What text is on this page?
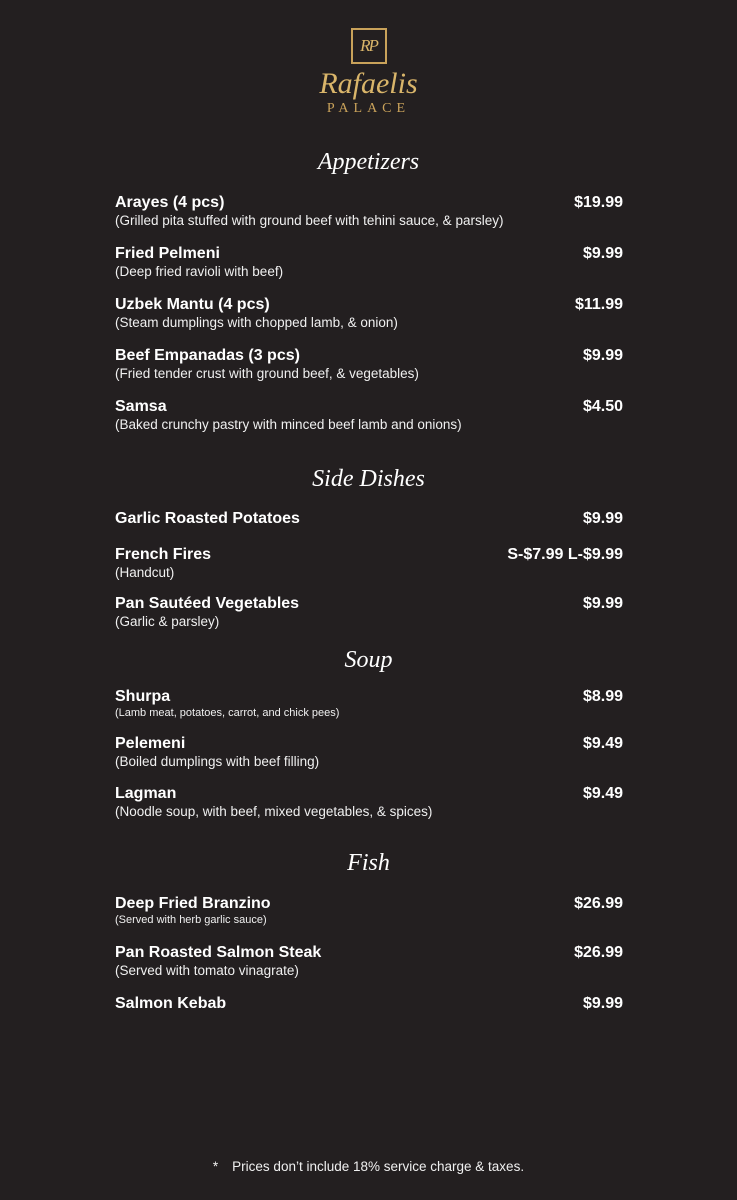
RP
Rafaelis
PALACE
Appetizers
Arayes (4 pcs)
(Grilled pita stuffed with ground beef with tehini sauce, & parsley)
$19.99
Fried Pelmeni
(Deep fried ravioli with beef)
$9.99
Uzbek Mantu (4 pcs)
(Steam dumplings with chopped lamb, & onion)
$11.99
Beef Empanadas (3 pcs)
(Fried tender crust with ground beef, & vegetables)
$9.99
Samsa
(Baked crunchy pastry with minced beef lamb and onions)
$4.50
Side Dishes
Garlic Roasted Potatoes	$9.99
French Fires
(Handcut)
S-$7.99 L-$9.99
Pan Sautéed Vegetables
(Garlic & parsley)
$9.99
Soup
Shurpa
(Lamb meat, potatoes, carrot, and chick pees)
$8.99
Pelemeni
(Boiled dumplings with beef filling)
$9.49
Lagman
(Noodle soup, with beef, mixed vegetables, & spices)
$9.49
Fish
Deep Fried Branzino
(Served with herb garlic sauce)
$26.99
Pan Roasted Salmon Steak
(Served with tomato vinagrate)
$26.99
Salmon Kebab	$9.99
* Prices don’t include 18% service charge & taxes.
